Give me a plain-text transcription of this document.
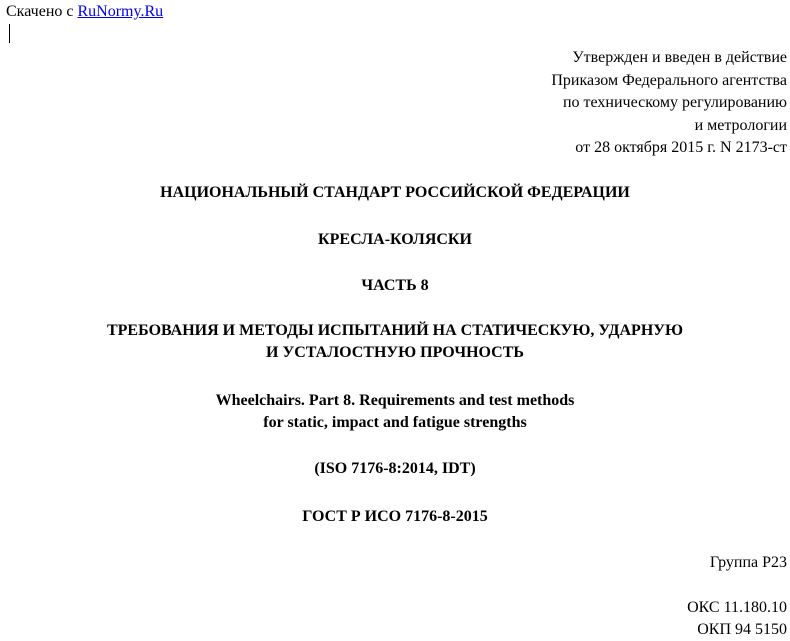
Скачено с RuNormy.Ru
Утвержден и введен в действие
Приказом Федерального агентства
по техническому регулированию
и метрологии
от 28 октября 2015 г. N 2173-ст
НАЦИОНАЛЬНЫЙ СТАНДАРТ РОССИЙСКОЙ ФЕДЕРАЦИИ
КРЕСЛА-КОЛЯСКИ
ЧАСТЬ 8
ТРЕБОВАНИЯ И МЕТОДЫ ИСПЫТАНИЙ НА СТАТИЧЕСКУЮ, УДАРНУЮ
И УСТАЛОСТНУЮ ПРОЧНОСТЬ
Wheelchairs. Part 8. Requirements and test methods
for static, impact and fatigue strengths
(ISO 7176-8:2014, IDT)
ГОСТ Р ИСО 7176-8-2015
Группа Р23
ОКС 11.180.10
ОКП 94 5150
